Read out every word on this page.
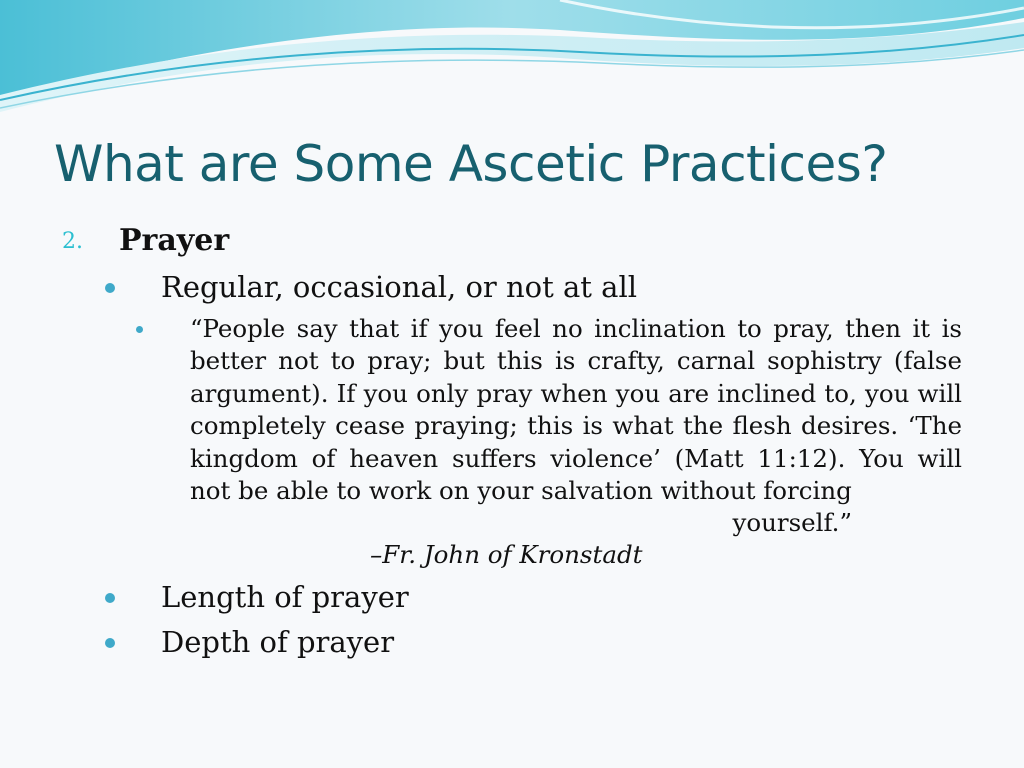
What are Some Ascetic Practices?
2. Prayer
Regular, occasional, or not at all
“People say that if you feel no inclination to pray, then it is better not to pray; but this is crafty, carnal sophistry (false argument). If you only pray when you are inclined to, you will completely cease praying; this is what the flesh desires. ‘The kingdom of heaven suffers violence’ (Matt 11:12). You will not be able to work on your salvation without forcing
yourself.”
–Fr. John of Kronstadt
Length of prayer
Depth of prayer
